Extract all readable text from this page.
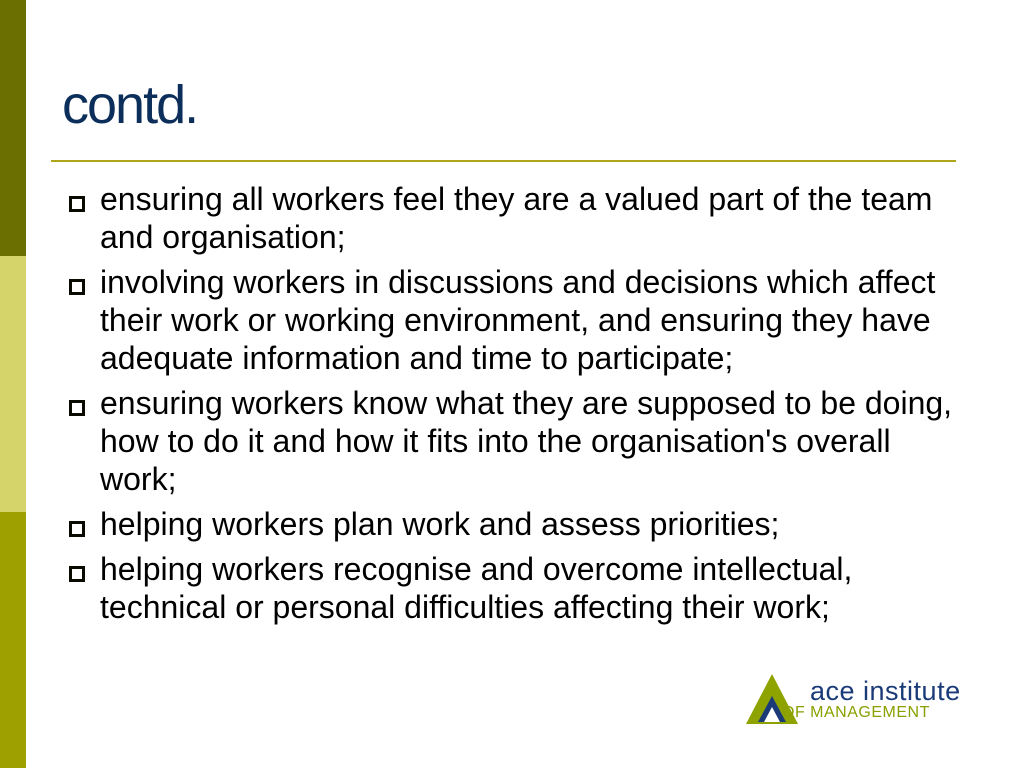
contd.
ensuring all workers feel they are a valued part of the team and organisation;
involving workers in discussions and decisions which affect their work or working environment, and ensuring they have adequate information and time to participate;
ensuring workers know what they are supposed to be doing, how to do it and how it fits into the organisation's overall work;
helping workers plan work and assess priorities;
helping workers recognise and overcome intellectual, technical or personal difficulties affecting their work;
ace institute
OF MANAGEMENT
